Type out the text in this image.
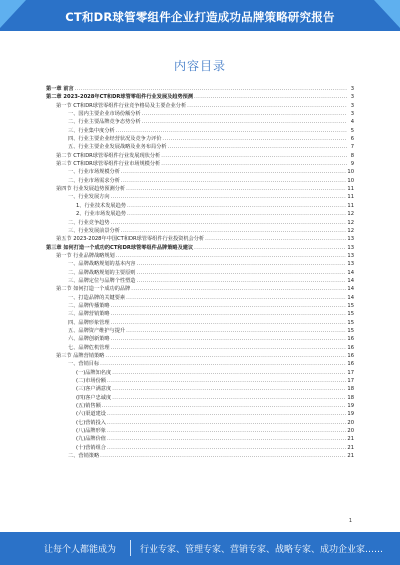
CT和DR球管零组件企业打造成功品牌策略研究报告
内容目录
第一章 前言 .....	3
第二章 2023-2028年CT和DR球管零组件行业发展及趋势预测 .....	3
第一节 CT和DR球管零组件行业竞争格局及主要企业分析 .....	3
一、国内主要企业市场份额分析 .....	3
二、行业主要品牌竞争态势分析 .....	4
三、行业集中度分析 .....	5
四、行业主要企业经营状况及竞争力评价 .....	6
五、行业主要企业发展战略及业务布局分析 .....	7
第二节 CT和DR球管零组件行业发展现状分析 .....	8
第三节 CT和DR球管零组件行业市场规模分析 .....	9
一、行业市场规模分析 .....	10
二、行业市场需求分析 .....	10
第四节 行业发展趋势预测分析 .....	11
一、行业发展方向 .....	11
1、行业技术发展趋势 .....	11
2、行业市场发展趋势 .....	12
二、行业竞争趋势 .....	12
三、行业发展前景分析 .....	12
第五节 2023-2028年中国CT和DR球管零组件行业投资机会分析 .....	13
第三章 如何打造一个成功的CT和DR球管零组件品牌策略及建议 .....	13
第一节 行业品牌战略规划 .....	13
一、品牌战略规划的基本内容 .....	13
二、品牌战略规划的主要原则 .....	14
三、品牌定位与品牌个性塑造 .....	14
第二节 如何打造一个成功的品牌 .....	14
一、打造品牌的关键要素 .....	14
二、品牌传播策略 .....	15
三、品牌营销策略 .....	15
四、品牌形象管理 .....	15
五、品牌资产维护与提升 .....	15
六、品牌创新策略 .....	16
七、品牌危机管理 .....	16
第三节 品牌营销策略 .....	16
一、营销目标 .....	16
(一)品牌知名度 .....	17
(二)市场份额 .....	17
(三)客户满意度 .....	18
(四)客户忠诚度 .....	18
(五)销售额 .....	19
(六)渠道建设 .....	19
(七)营销投入 .....	20
(八)品牌形象 .....	20
(九)品牌价值 .....	21
(十)营销组合 .....	21
二、营销策略 .....	21
1
让每个人都能成为	行业专家、管理专家、营销专家、战略专家、成功企业家……
